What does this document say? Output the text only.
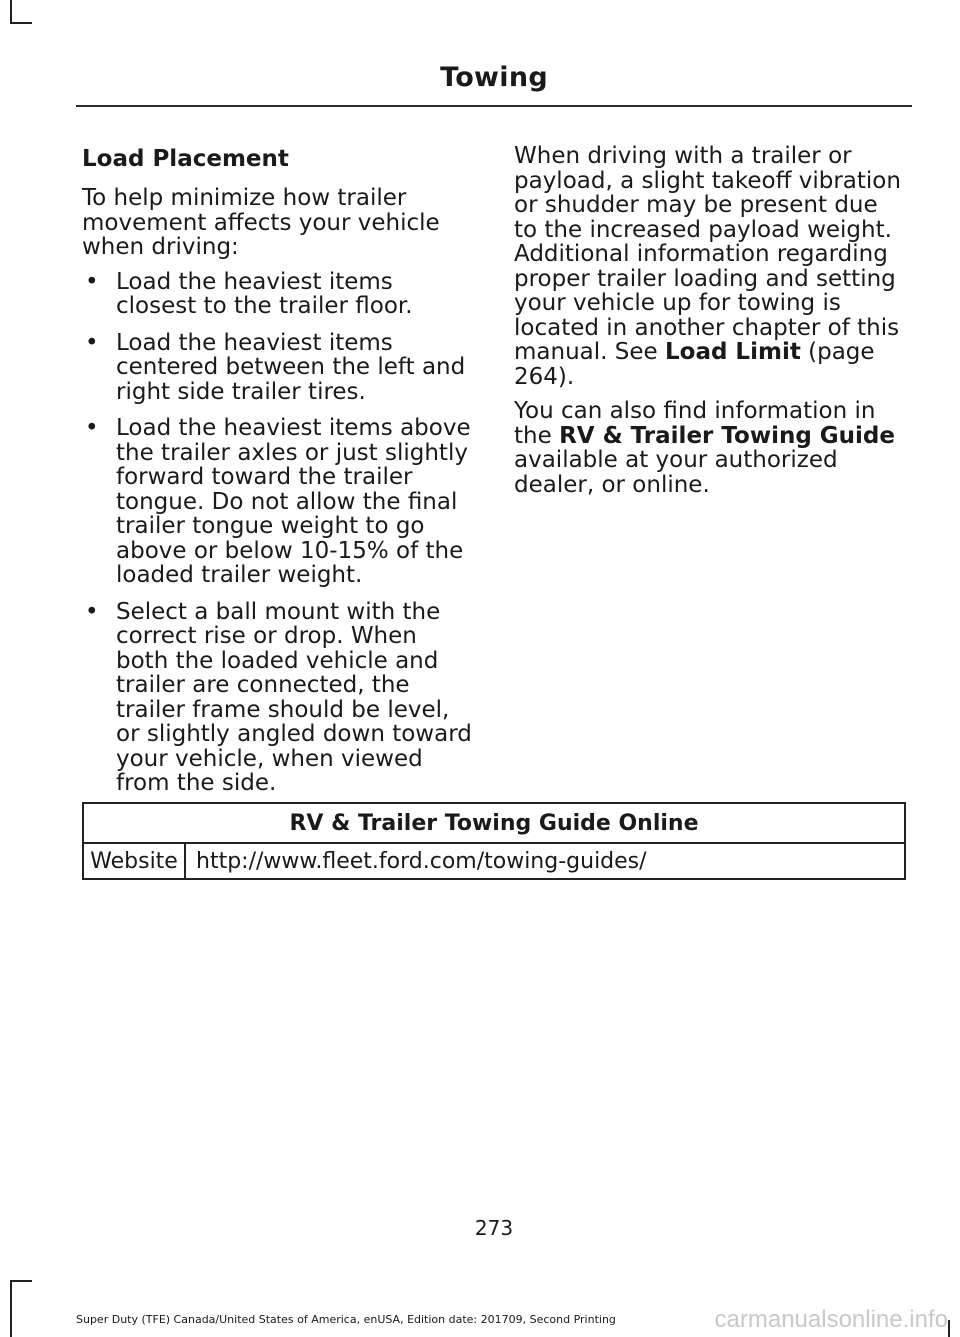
Towing
Load Placement

To help minimize how trailer movement affects your vehicle when driving:

• Load the heaviest items closest to the trailer floor.
• Load the heaviest items centered between the left and right side trailer tires.
• Load the heaviest items above the trailer axles or just slightly forward toward the trailer tongue. Do not allow the final trailer tongue weight to go above or below 10-15% of the loaded trailer weight.
• Select a ball mount with the correct rise or drop. When both the loaded vehicle and trailer are connected, the trailer frame should be level, or slightly angled down toward your vehicle, when viewed from the side.

When driving with a trailer or payload, a slight takeoff vibration or shudder may be present due to the increased payload weight. Additional information regarding proper trailer loading and setting your vehicle up for towing is located in another chapter of this manual. See Load Limit (page 264).

You can also find information in the RV & Trailer Towing Guide available at your authorized dealer, or online.

RV & Trailer Towing Guide Online
Website	http://www.fleet.ford.com/towing-guides/
273
Super Duty (TFE) Canada/United States of America, enUSA, Edition date: 201709, Second Printing	carmanualsonline.info
